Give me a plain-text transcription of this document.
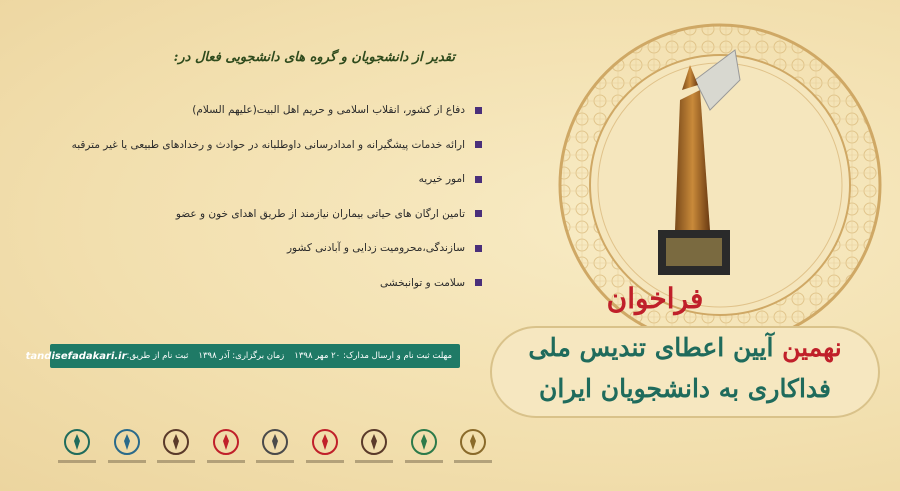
تقدیر از دانشجویان و گروه های دانشجویی فعال در:
دفاع از کشور، انقلاب اسلامی و حریم اهل البیت(علیهم السلام)
ارائه خدمات پیشگیرانه و امدادرسانی داوطلبانه در حوادث و رخدادهای طبیعی یا غیر مترقبه
امور خیریه
تامین ارگان های حیاتی بیماران نیازمند از طریق اهدای خون و عضو
سازندگی،محرومیت زدایی و آبادنی کشور
سلامت و توانبخشی	فراخوان
نهمین آیین اعطای تندیس ملی
فداکاری به دانشجویان ایران
مهلت ثبت نام و ارسال مدارک: ۲۰ مهر ۱۳۹۸
زمان برگزاری: آذر ۱۳۹۸
ثبت نام از طریق:
tandisefadakari.ir
